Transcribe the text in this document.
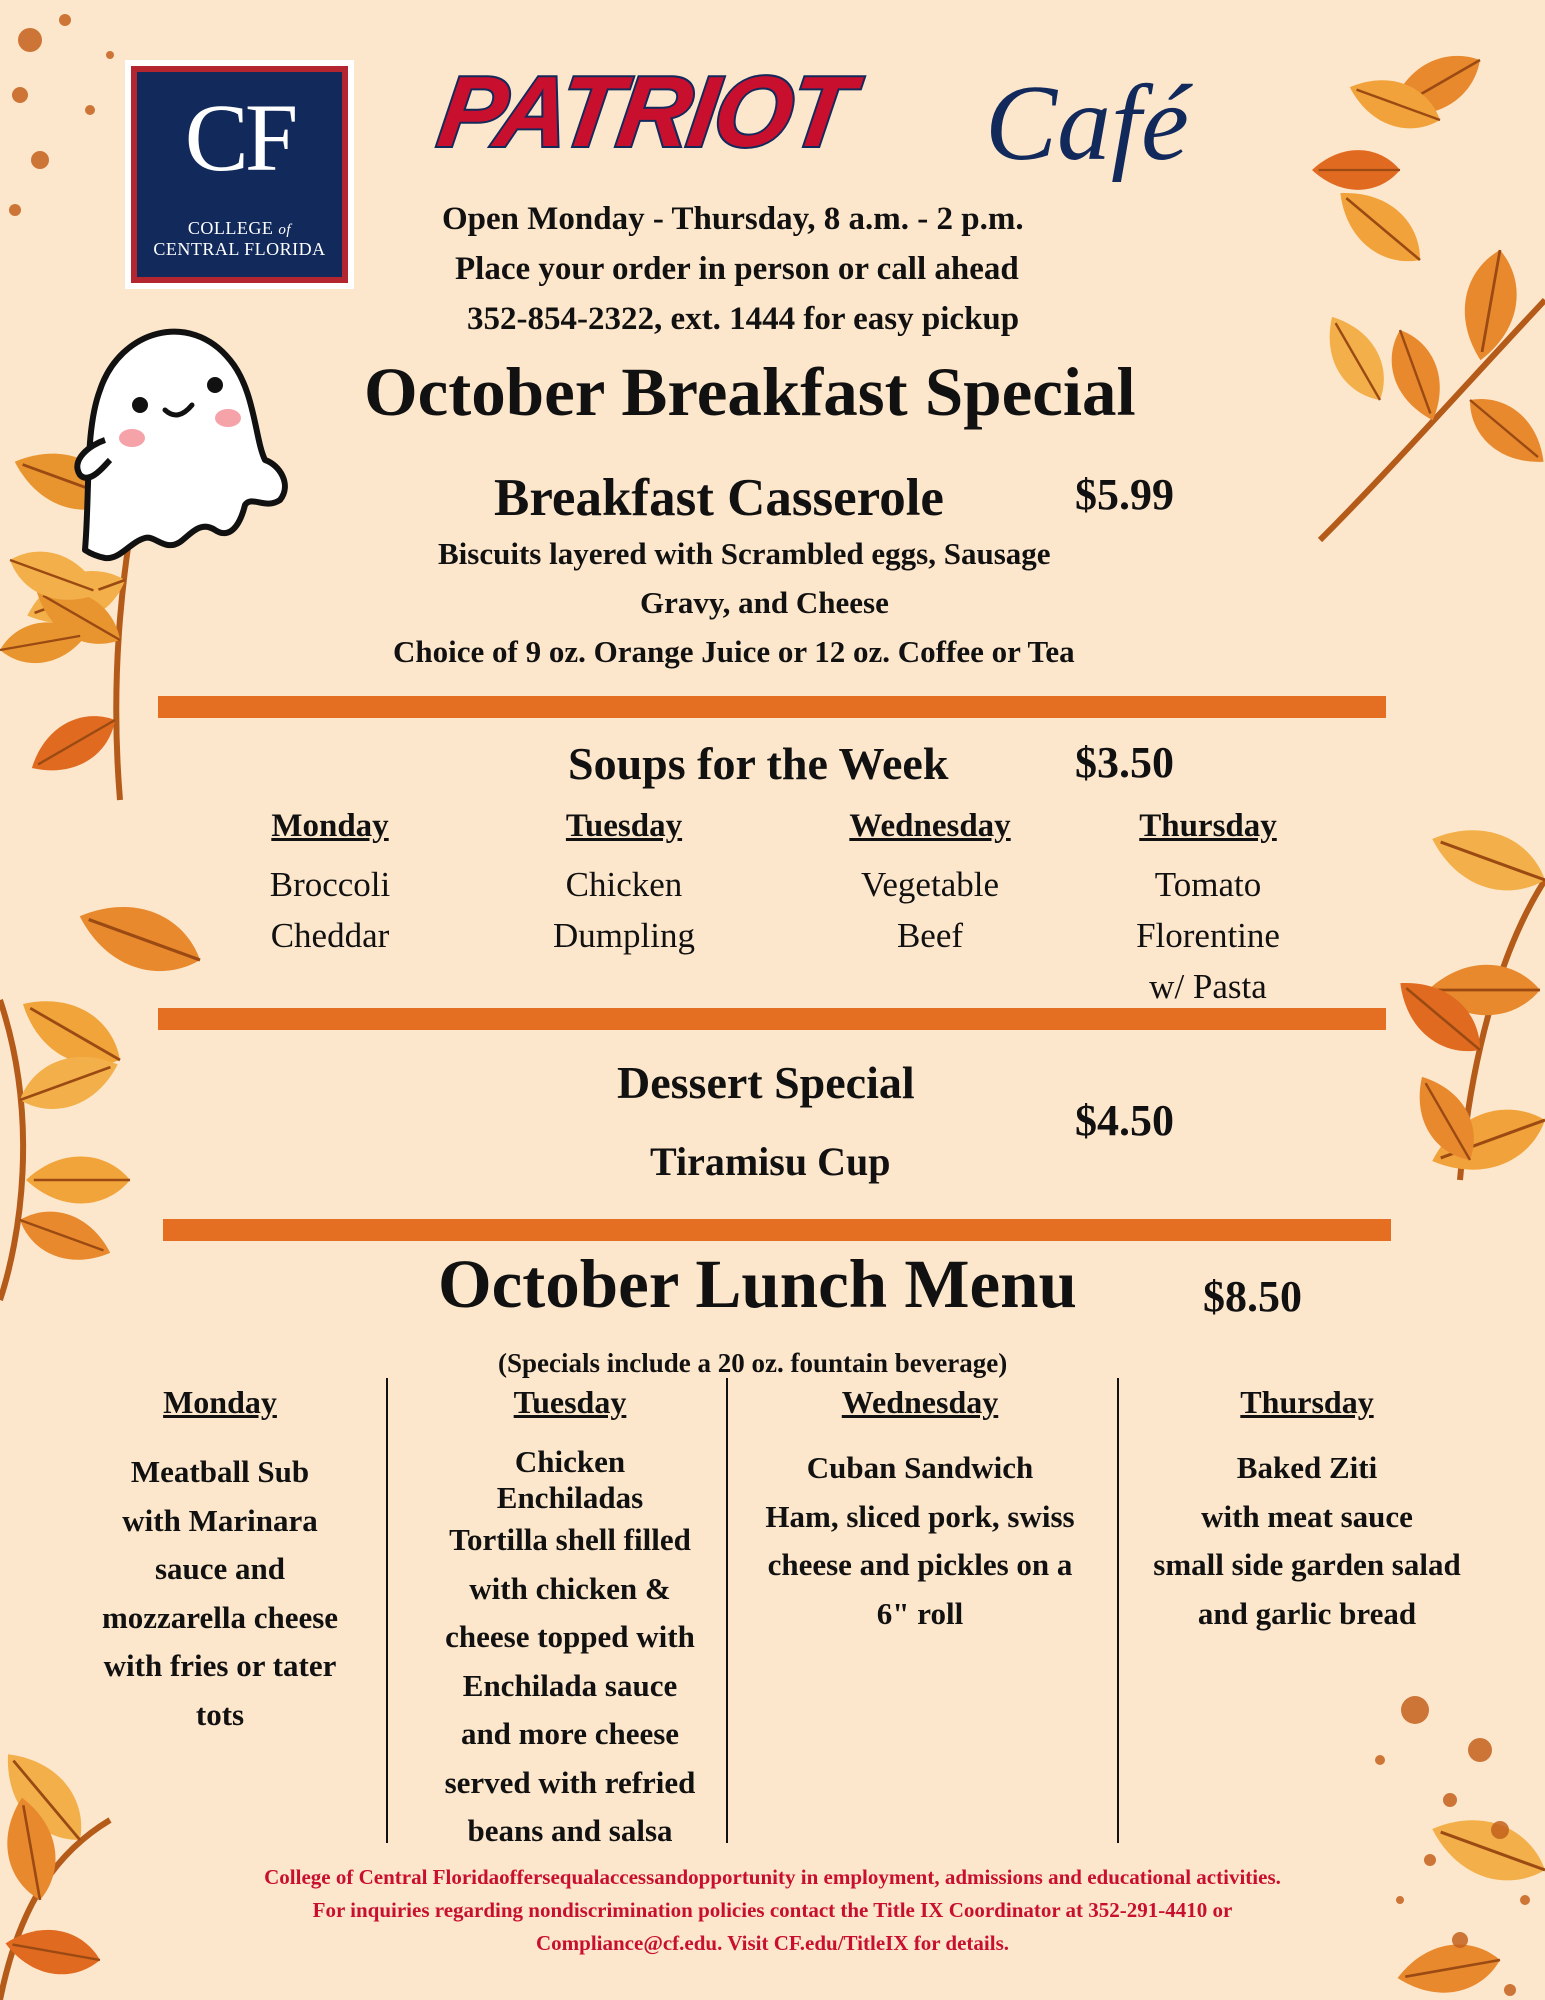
CF
COLLEGE of
CENTRAL FLORIDA
PATRIOT Café
Open Monday - Thursday, 8 a.m. - 2 p.m.
Place your order in person or call ahead
352-854-2322, ext. 1444 for easy pickup
October Breakfast Special
Breakfast Casserole	$5.99
Biscuits layered with Scrambled eggs, Sausage
Gravy, and Cheese
Choice of 9 oz. Orange Juice or 12 oz. Coffee or Tea
Soups for the Week	$3.50
Monday
Broccoli
Cheddar
Tuesday
Chicken
Dumpling
Wednesday
Vegetable
Beef
Thursday
Tomato
Florentine
w/ Pasta
Dessert Special
Tiramisu Cup
$4.50
October Lunch Menu	$8.50
(Specials include a 20 oz. fountain beverage)
Monday
Meatball Sub
with Marinara
sauce and
mozzarella cheese
with fries or tater
tots
Tuesday
Chicken
Enchiladas
Tortilla shell filled
with chicken &
cheese topped with
Enchilada sauce
and more cheese
served with refried
beans and salsa
Wednesday
Cuban Sandwich
Ham, sliced pork, swiss
cheese and pickles on a
6" roll
Thursday
Baked Ziti
with meat sauce
small side garden salad
and garlic bread
College of Central Floridaoffersequalaccessandopportunity in employment, admissions and educational activities.
For inquiries regarding nondiscrimination policies contact the Title IX Coordinator at 352-291-4410 or
Compliance@cf.edu. Visit CF.edu/TitleIX for details.
